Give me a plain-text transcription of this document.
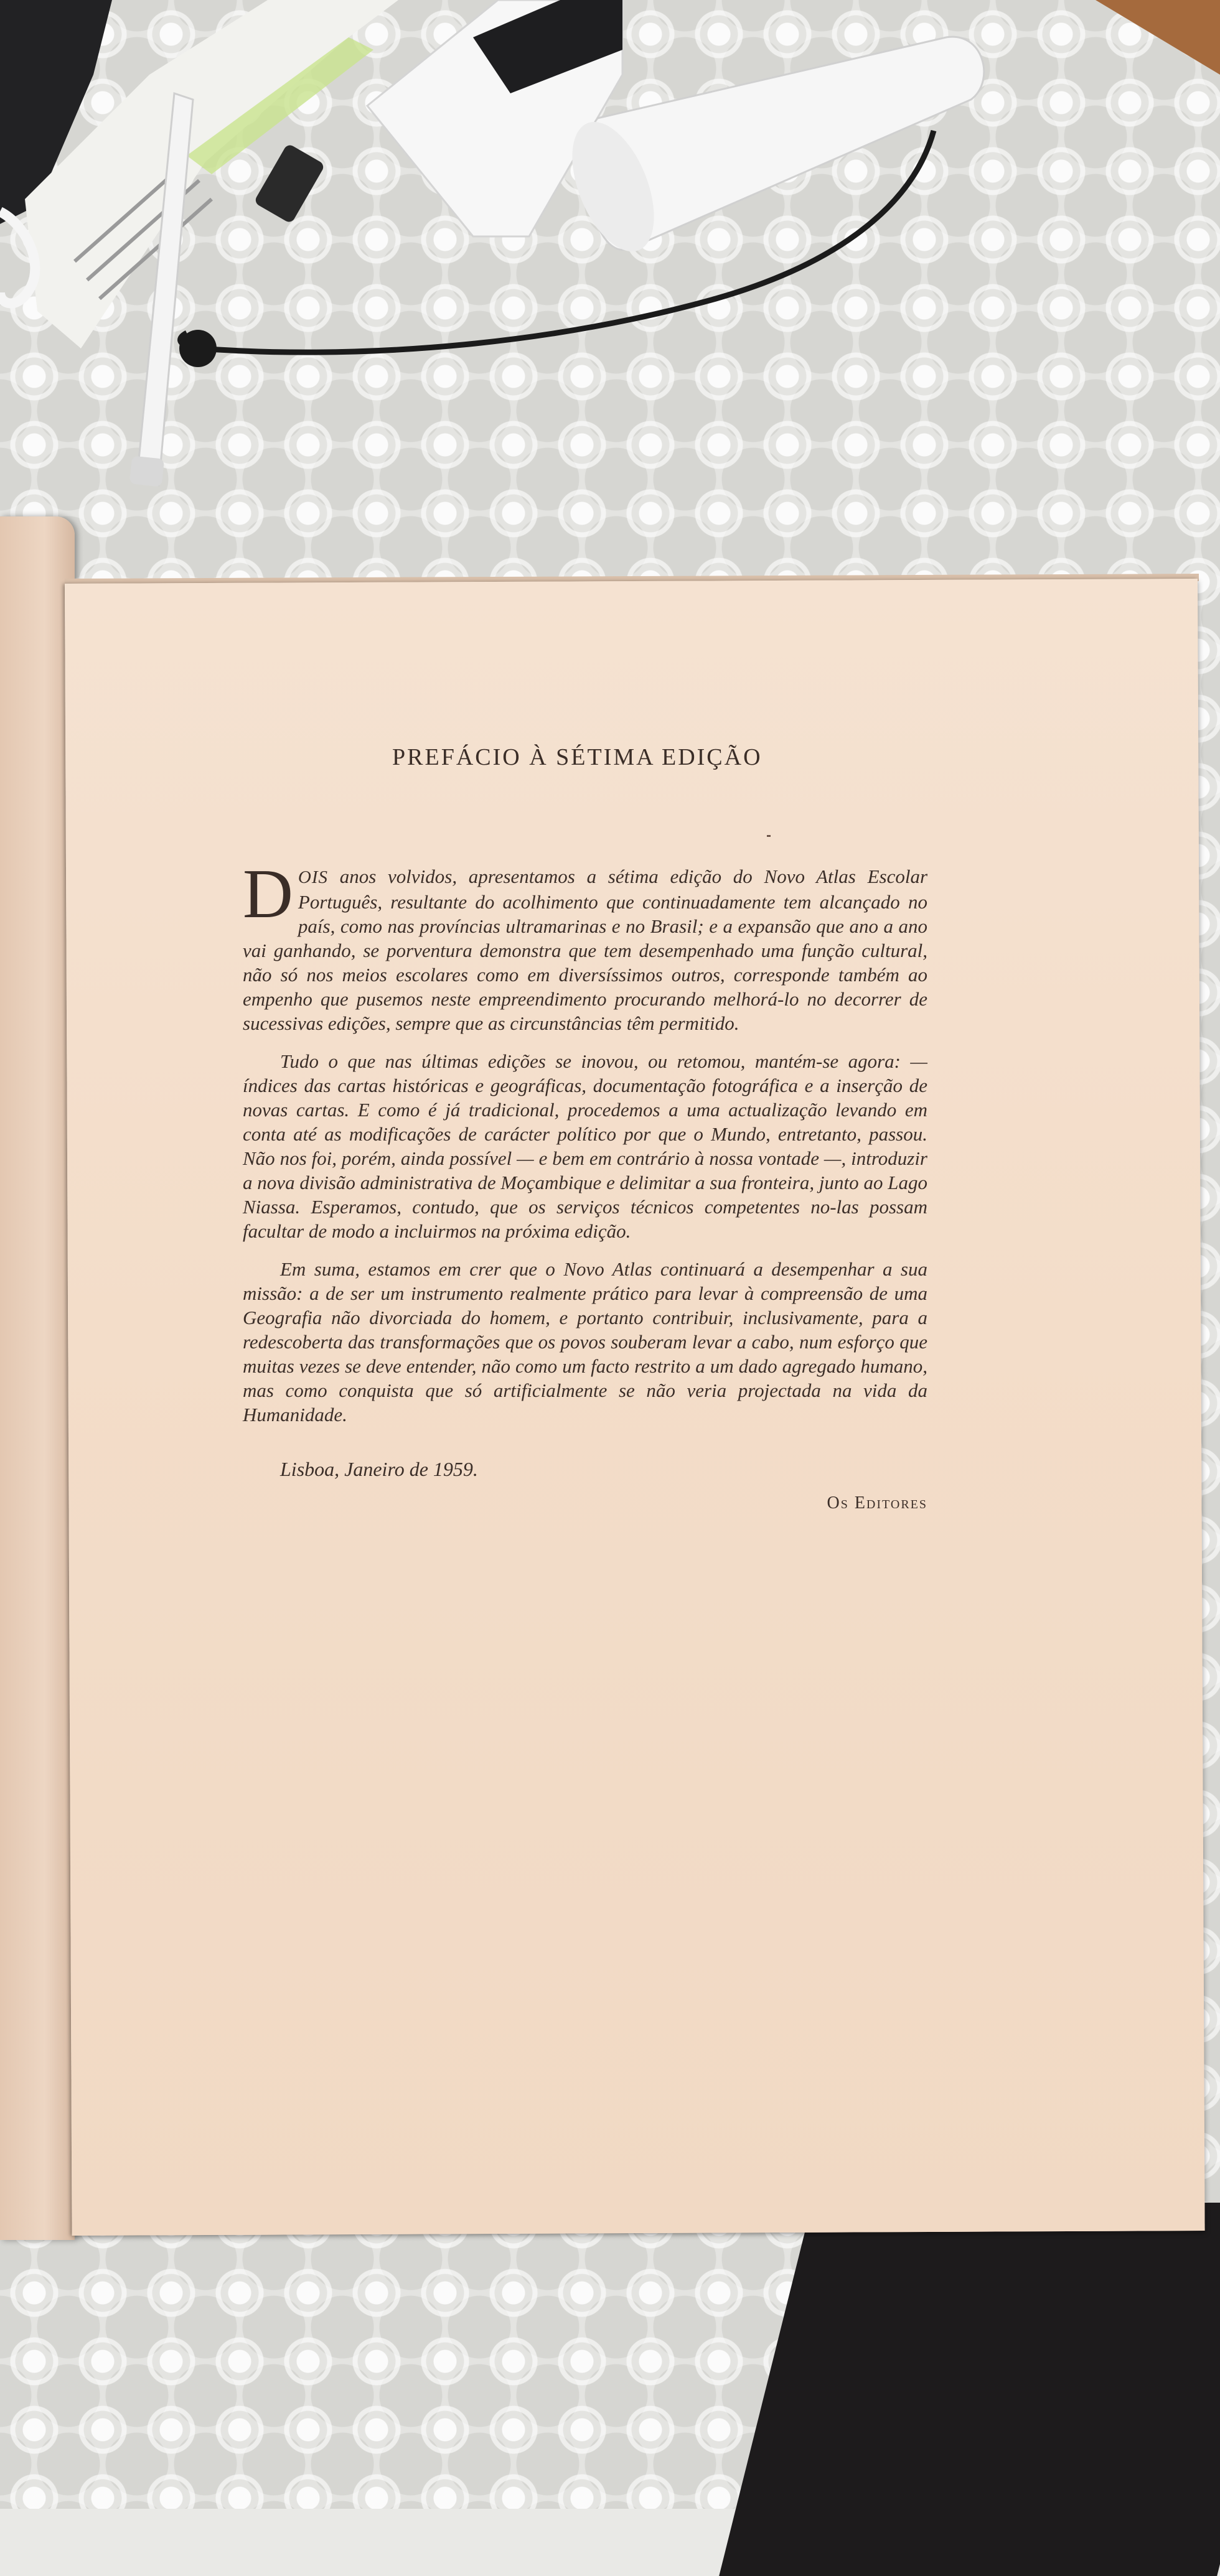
PREFÁCIO À SÉTIMA EDIÇÃO

DOIS anos volvidos, apresentamos a sétima edição do Novo Atlas Escolar Português, resultante do acolhimento que continuadamente tem alcançado no país, como nas províncias ultramarinas e no Brasil; e a expansão que ano a ano vai ganhando, se porventura demonstra que tem desempenhado uma função cultural, não só nos meios escolares como em diversíssimos outros, corresponde também ao empenho que pusemos neste empreendimento procurando melhorá-lo no decorrer de sucessivas edições, sempre que as circunstâncias têm permitido.

Tudo o que nas últimas edições se inovou, ou retomou, mantém-se agora: — índices das cartas históricas e geográficas, documentação fotográfica e a inserção de novas cartas. E como é já tradicional, procedemos a uma actualização levando em conta até as modificações de carácter político por que o Mundo, entretanto, passou. Não nos foi, porém, ainda possível — e bem em contrário à nossa vontade —, introduzir a nova divisão administrativa de Moçambique e delimitar a sua fronteira, junto ao Lago Niassa. Esperamos, contudo, que os serviços técnicos competentes no-las possam facultar de modo a incluirmos na próxima edição.

Em suma, estamos em crer que o Novo Atlas continuará a desempenhar a sua missão: a de ser um instrumento realmente prático para levar à compreensão de uma Geografia não divorciada do homem, e portanto contribuir, inclusivamente, para a redescoberta das transformações que os povos souberam levar a cabo, num esforço que muitas vezes se deve entender, não como um facto restrito a um dado agregado humano, mas como conquista que só artificialmente se não veria projectada na vida da Humanidade.

Lisboa, Janeiro de 1959.
Os Editores
